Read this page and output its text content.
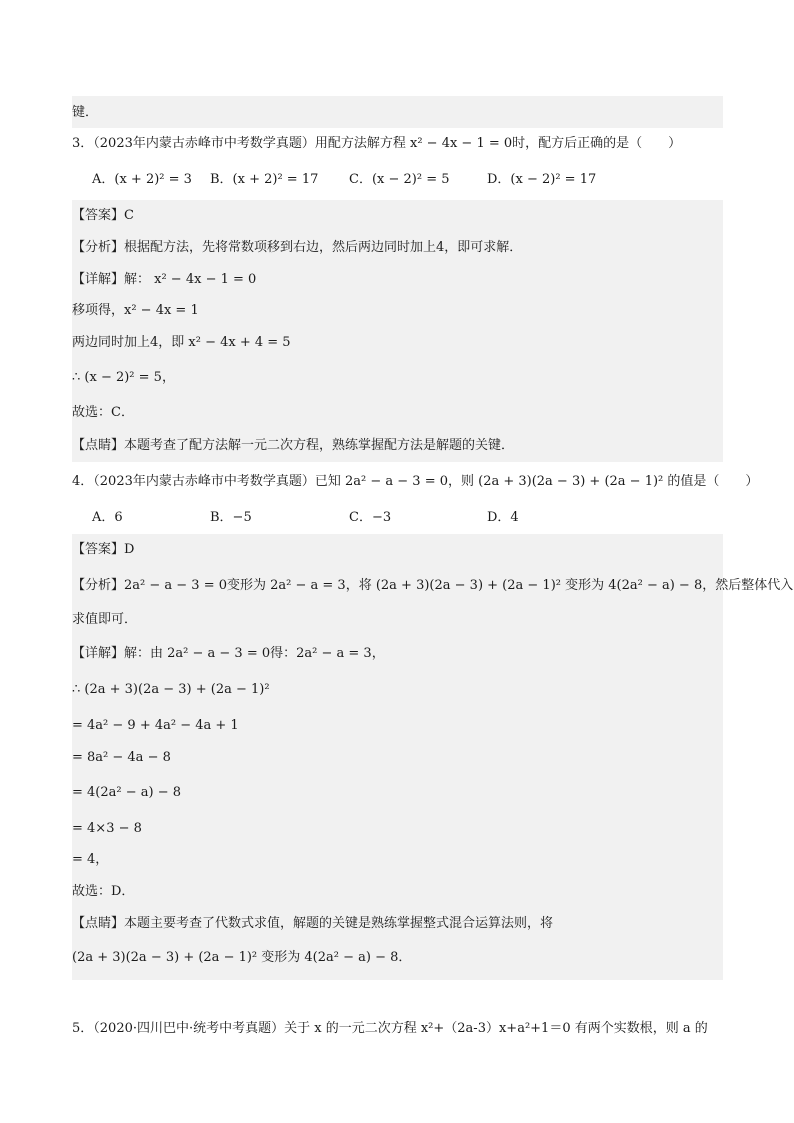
键．
3．（2023年内蒙古赤峰市中考数学真题）用配方法解方程 x² − 4x − 1 = 0时，配方后正确的是（　　）
A．(x + 2)² = 3 B．(x + 2)² = 17 C．(x − 2)² = 5	D．(x − 2)² = 17
【答案】C
【分析】根据配方法，先将常数项移到右边，然后两边同时加上4，即可求解．
【详解】解： x² − 4x − 1 = 0
移项得，x² − 4x = 1
两边同时加上4，即 x² − 4x + 4 = 5
∴ (x − 2)² = 5，
故选：C．
【点睛】本题考查了配方法解一元二次方程，熟练掌握配方法是解题的关键．
4．（2023年内蒙古赤峰市中考数学真题）已知 2a² − a − 3 = 0，则 (2a + 3)(2a − 3) + (2a − 1)² 的值是（　　）
A．6	B．−5	C．−3	D．4
【答案】D
【分析】2a² − a − 3 = 0变形为 2a² − a = 3，将 (2a + 3)(2a − 3) + (2a − 1)² 变形为 4(2a² − a) − 8，然后整体代入
求值即可．
【详解】解：由 2a² − a − 3 = 0得：2a² − a = 3，
∴ (2a + 3)(2a − 3) + (2a − 1)²
= 4a² − 9 + 4a² − 4a + 1
= 8a² − 4a − 8
= 4(2a² − a) − 8
= 4×3 − 8
= 4，
故选：D．
【点睛】本题主要考查了代数式求值，解题的关键是熟练掌握整式混合运算法则，将
(2a + 3)(2a − 3) + (2a − 1)² 变形为 4(2a² − a) − 8．
5．（2020·四川巴中·统考中考真题）关于 x 的一元二次方程 x²+（2a-3）x+a²+1＝0 有两个实数根，则 a 的
